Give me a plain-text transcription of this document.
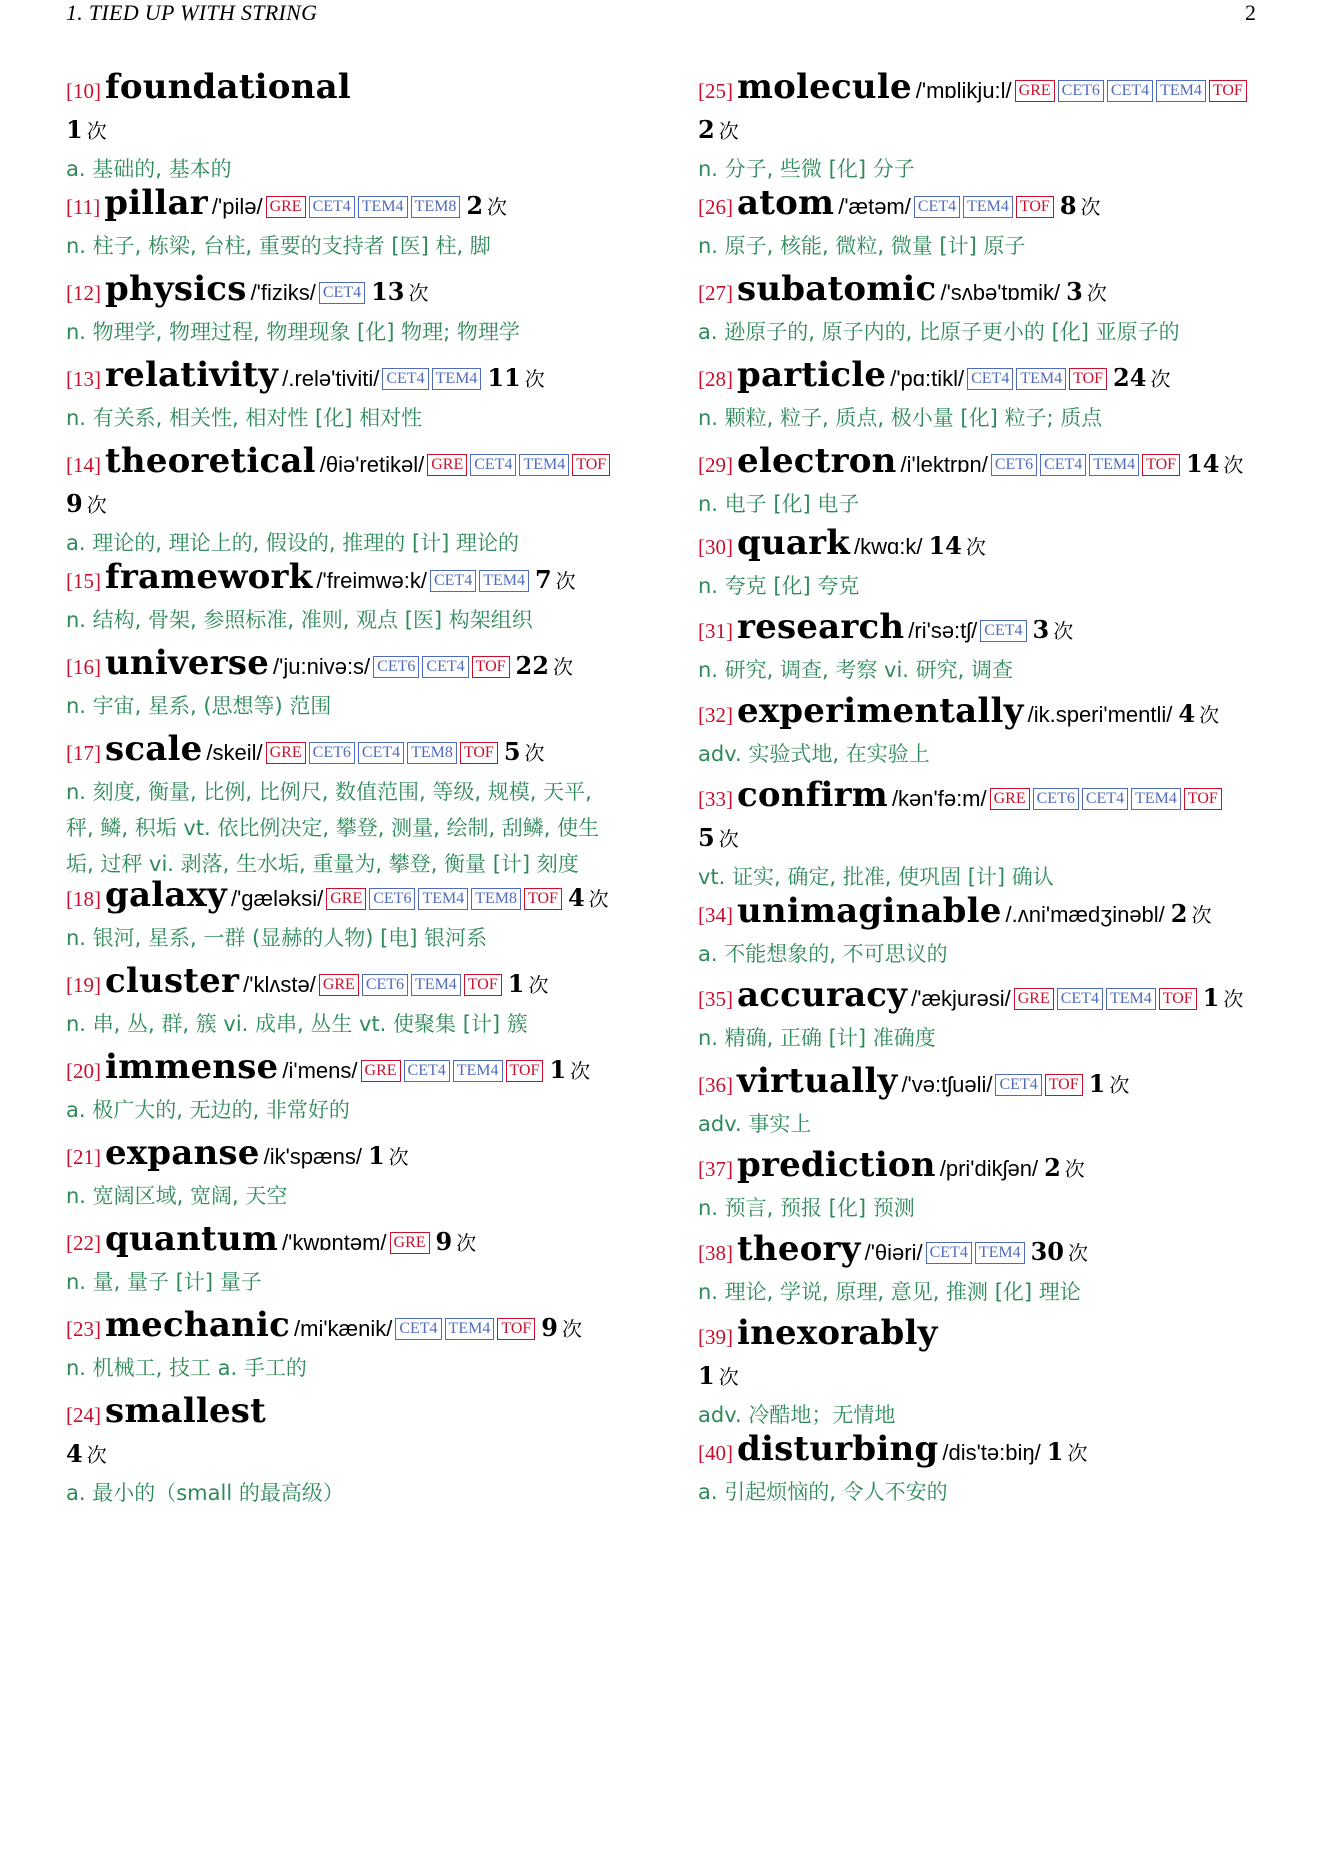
1. TIED UP WITH STRING	2
[10] foundational
1 次
a. 基础的, 基本的
[11] pillar /'pilə/ GRE CET4 TEM4 TEM8 2 次
n. 柱子, 栋梁, 台柱, 重要的支持者 [医] 柱, 脚
[12] physics /'fiziks/ CET4 13 次
n. 物理学, 物理过程, 物理现象 [化] 物理; 物理学
[13] relativity /.relə'tiviti/ CET4 TEM4 11 次
n. 有关系, 相关性, 相对性 [化] 相对性
[14] theoretical /θiə'retikəl/ GRE CET4 TEM4 TOF
9 次
a. 理论的, 理论上的, 假设的, 推理的 [计] 理论的
[15] framework /'freimwə:k/ CET4 TEM4 7 次
n. 结构, 骨架, 参照标准, 准则, 观点 [医] 构架组织
[16] universe /'ju:nivə:s/ CET6 CET4 TOF 22 次
n. 宇宙, 星系, (思想等) 范围
[17] scale /skeil/ GRE CET6 CET4 TEM8 TOF 5 次
n. 刻度, 衡量, 比例, 比例尺, 数值范围, 等级, 规模, 天平,
秤, 鳞, 积垢 vt. 依比例决定, 攀登, 测量, 绘制, 刮鳞, 使生
垢, 过秤 vi. 剥落, 生水垢, 重量为, 攀登, 衡量 [计] 刻度
[18] galaxy /'gæləksi/ GRE CET6 TEM4 TEM8 TOF 4 次
n. 银河, 星系, 一群 (显赫的人物) [电] 银河系
[19] cluster /'klʌstə/ GRE CET6 TEM4 TOF 1 次
n. 串, 丛, 群, 簇 vi. 成串, 丛生 vt. 使聚集 [计] 簇
[20] immense /i'mens/ GRE CET4 TEM4 TOF 1 次
a. 极广大的, 无边的, 非常好的
[21] expanse /ik'spæns/ 1 次
n. 宽阔区域, 宽阔, 天空
[22] quantum /'kwɒntəm/ GRE 9 次
n. 量, 量子 [计] 量子
[23] mechanic /mi'kænik/ CET4 TEM4 TOF 9 次
n. 机械工, 技工 a. 手工的
[24] smallest
4 次
a. 最小的（small 的最高级）
[25] molecule /'mɒlikju:l/ GRE CET6 CET4 TEM4 TOF
2 次
n. 分子, 些微 [化] 分子
[26] atom /'ætəm/ CET4 TEM4 TOF 8 次
n. 原子, 核能, 微粒, 微量 [计] 原子
[27] subatomic /'sʌbə'tɒmik/ 3 次
a. 逊原子的, 原子内的, 比原子更小的 [化] 亚原子的
[28] particle /'pɑ:tikl/ CET4 TEM4 TOF 24 次
n. 颗粒, 粒子, 质点, 极小量 [化] 粒子; 质点
[29] electron /i'lektrɒn/ CET6 CET4 TEM4 TOF 14 次
n. 电子 [化] 电子
[30] quark /kwɑ:k/ 14 次
n. 夸克 [化] 夸克
[31] research /ri'sə:tʃ/ CET4 3 次
n. 研究, 调查, 考察 vi. 研究, 调查
[32] experimentally /ik.speri'mentli/ 4 次
adv. 实验式地, 在实验上
[33] confirm /kən'fə:m/ GRE CET6 CET4 TEM4 TOF
5 次
vt. 证实, 确定, 批准, 使巩固 [计] 确认
[34] unimaginable /.ʌni'mædʒinəbl/ 2 次
a. 不能想象的, 不可思议的
[35] accuracy /'ækjurəsi/ GRE CET4 TEM4 TOF 1 次
n. 精确, 正确 [计] 准确度
[36] virtually /'və:tʃuəli/ CET4 TOF 1 次
adv. 事实上
[37] prediction /pri'dikʃən/ 2 次
n. 预言, 预报 [化] 预测
[38] theory /'θiəri/ CET4 TEM4 30 次
n. 理论, 学说, 原理, 意见, 推测 [化] 理论
[39] inexorably
1 次
adv. 冷酷地；无情地
[40] disturbing /dis'tə:biŋ/ 1 次
a. 引起烦恼的, 令人不安的
